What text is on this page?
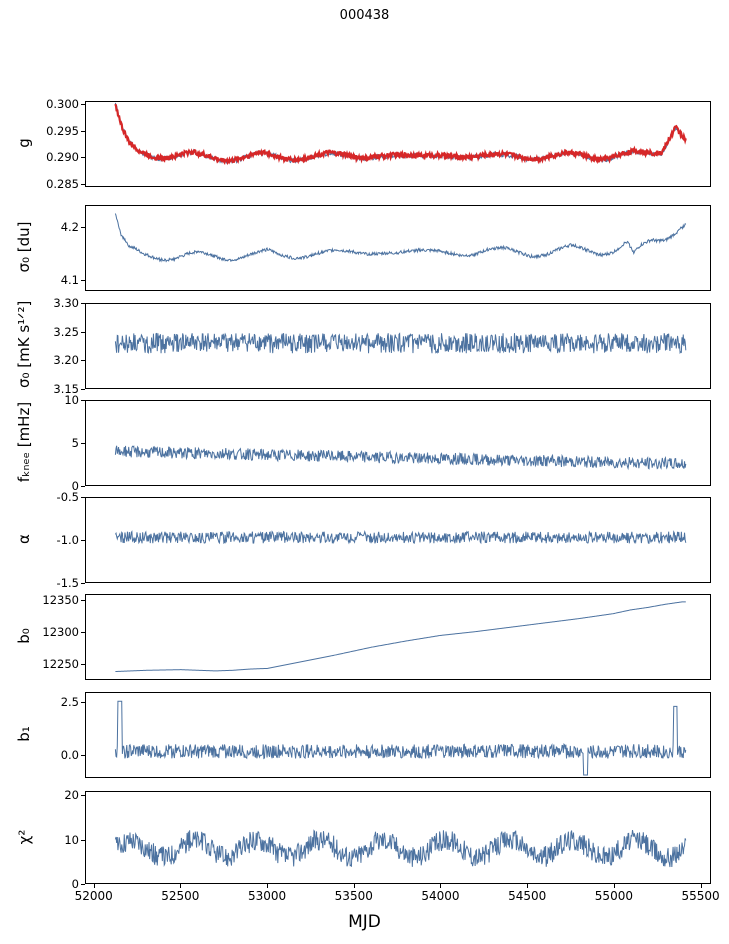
000438
0.285
0.290
0.295
0.300
g
4.1
4.2
σ₀ [du]
3.15
3.20
3.25
3.30
σ₀ [mK s¹ᐟ²]
0
5
10
fₖₙₑₑ [mHz]
-1.5
-1.0
-0.5
α
12250
12300
12350
b₀
0.0
2.5
b₁
0
10
20
χ²
52000	52500	53000	53500	54000	54500	55000	55500
MJD
